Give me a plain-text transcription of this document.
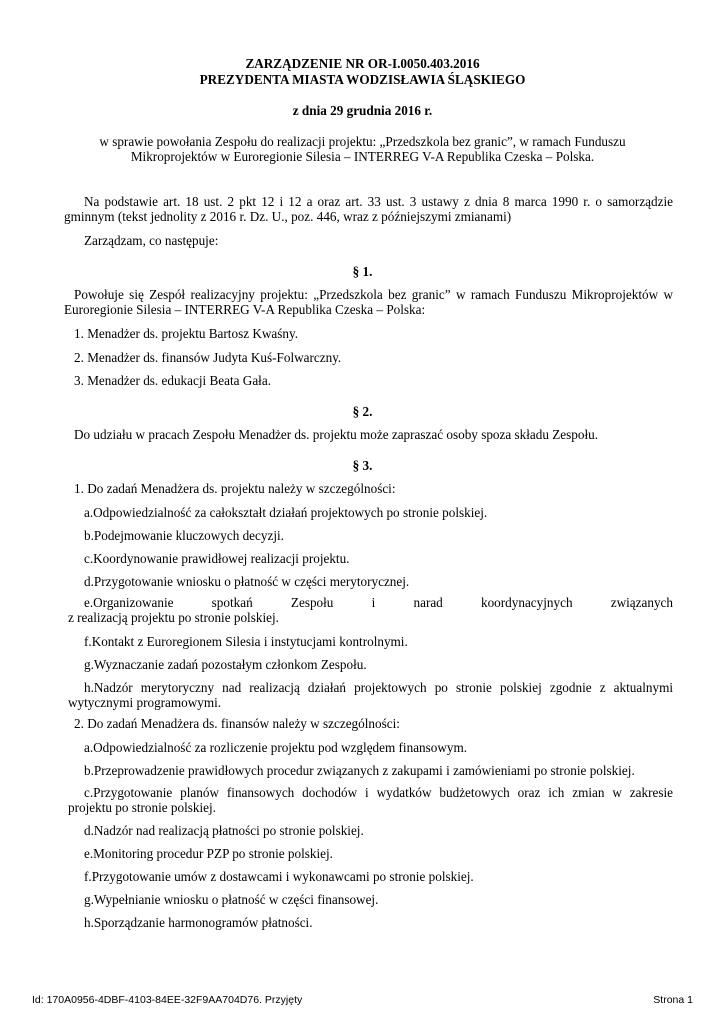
ZARZĄDZENIE NR OR-I.0050.403.2016
PREZYDENTA MIASTA WODZISŁAWIA ŚLĄSKIEGO
z dnia 29 grudnia 2016 r.
w sprawie powołania Zespołu do realizacji projektu: „Przedszkola bez granic”, w ramach Funduszu
Mikroprojektów w Euroregionie Silesia – INTERREG V-A Republika Czeska – Polska.
Na podstawie art. 18 ust. 2 pkt 12 i 12 a oraz art. 33 ust. 3 ustawy z dnia 8 marca 1990 r. o samorządzie
gminnym (tekst jednolity z 2016 r. Dz. U., poz. 446, wraz z późniejszymi zmianami)
Zarządzam, co następuje:
§ 1.
Powołuje się Zespół realizacyjny projektu: „Przedszkola bez granic” w ramach Funduszu Mikroprojektów w
Euroregionie Silesia – INTERREG V-A Republika Czeska – Polska:
1. Menadżer ds. projektu Bartosz Kwaśny.
2. Menadżer ds. finansów Judyta Kuś-Folwarczny.
3. Menadżer ds. edukacji Beata Gała.
§ 2.
Do udziału w pracach Zespołu Menadżer ds. projektu może zapraszać osoby spoza składu Zespołu.
§ 3.
1. Do zadań Menadżera ds. projektu należy w szczególności:
a.Odpowiedzialność za całokształt działań projektowych po stronie polskiej.
b.Podejmowanie kluczowych decyzji.
c.Koordynowanie prawidłowej realizacji projektu.
d.Przygotowanie wniosku o płatność w części merytorycznej.
e.Organizowanie spotkań Zespołu i narad koordynacyjnych związanych
z realizacją projektu po stronie polskiej.
f.Kontakt z Euroregionem Silesia i instytucjami kontrolnymi.
g.Wyznaczanie zadań pozostałym członkom Zespołu.
h.Nadzór merytoryczny nad realizacją działań projektowych po stronie polskiej zgodnie z aktualnymi
wytycznymi programowymi.
2. Do zadań Menadżera ds. finansów należy w szczególności:
a.Odpowiedzialność za rozliczenie projektu pod względem finansowym.
b.Przeprowadzenie prawidłowych procedur związanych z zakupami i zamówieniami po stronie polskiej.
c.Przygotowanie planów finansowych dochodów i wydatków budżetowych oraz ich zmian w zakresie
projektu po stronie polskiej.
d.Nadzór nad realizacją płatności po stronie polskiej.
e.Monitoring procedur PZP po stronie polskiej.
f.Przygotowanie umów z dostawcami i wykonawcami po stronie polskiej.
g.Wypełnianie wniosku o płatność w części finansowej.
h.Sporządzanie harmonogramów płatności.
Id: 170A0956-4DBF-4103-84EE-32F9AA704D76. Przyjęty	Strona 1
